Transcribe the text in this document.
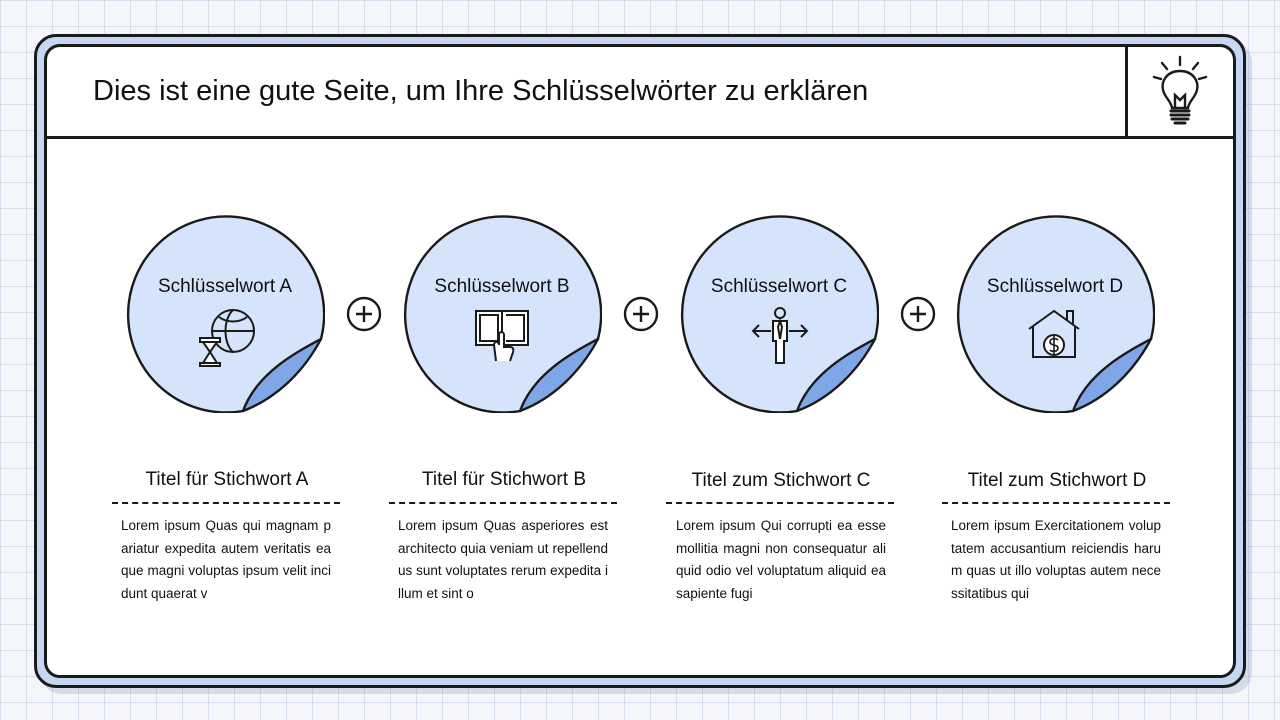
Dies ist eine gute Seite, um Ihre Schlüsselwörter zu erklären
Schlüsselwort A	Schlüsselwort B	Schlüsselwort C	Schlüsselwort D
Titel für Stichwort A
Lorem ipsum Quas qui magnam pariatur expedita autem veritatis eaque magni voluptas ipsum velit incidunt quaerat v
Titel für Stichwort B
Lorem ipsum Quas asperiores est architecto quia veniam ut repellendus sunt voluptates rerum expedita illum et sint o
Titel zum Stichwort C
Lorem ipsum Qui corrupti ea esse mollitia magni non consequatur aliquid odio vel voluptatum aliquid ea sapiente fugi
Titel zum Stichwort D
Lorem ipsum Exercitationem voluptatem accusantium reiciendis harum quas ut illo voluptas autem necessitatibus qui
